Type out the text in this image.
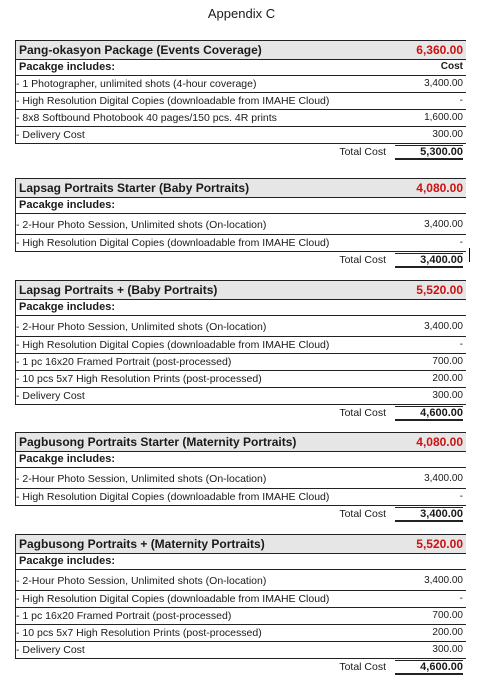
Appendix C
Pang-okasyon Package (Events Coverage)	6,360.00
Pacakge includes:	Cost
- 1 Photographer, unlimited shots (4-hour coverage)	3,400.00
- High Resolution Digital Copies (downloadable from IMAHE Cloud)	-
- 8x8 Softbound Photobook 40 pages/150 pcs. 4R prints	1,600.00
- Delivery Cost	300.00
Total Cost	5,300.00
Lapsag Portraits Starter (Baby Portraits)	4,080.00
Pacakge includes:
- 2-Hour Photo Session, Unlimited shots (On-location)	3,400.00
- High Resolution Digital Copies (downloadable from IMAHE Cloud)	-
Total Cost	3,400.00
Lapsag Portraits + (Baby Portraits)	5,520.00
Pacakge includes:
- 2-Hour Photo Session, Unlimited shots (On-location)	3,400.00
- High Resolution Digital Copies (downloadable from IMAHE Cloud)	-
- 1 pc 16x20 Framed Portrait (post-processed)	700.00
- 10 pcs 5x7 High Resolution Prints (post-processed)	200.00
- Delivery Cost	300.00
Total Cost	4,600.00
Pagbusong Portraits Starter (Maternity Portraits)	4,080.00
Pacakge includes:
- 2-Hour Photo Session, Unlimited shots (On-location)	3,400.00
- High Resolution Digital Copies (downloadable from IMAHE Cloud)	-
Total Cost	3,400.00
Pagbusong Portraits + (Maternity Portraits)	5,520.00
Pacakge includes:
- 2-Hour Photo Session, Unlimited shots (On-location)	3,400.00
- High Resolution Digital Copies (downloadable from IMAHE Cloud)	-
- 1 pc 16x20 Framed Portrait (post-processed)	700.00
- 10 pcs 5x7 High Resolution Prints (post-processed)	200.00
- Delivery Cost	300.00
Total Cost	4,600.00
